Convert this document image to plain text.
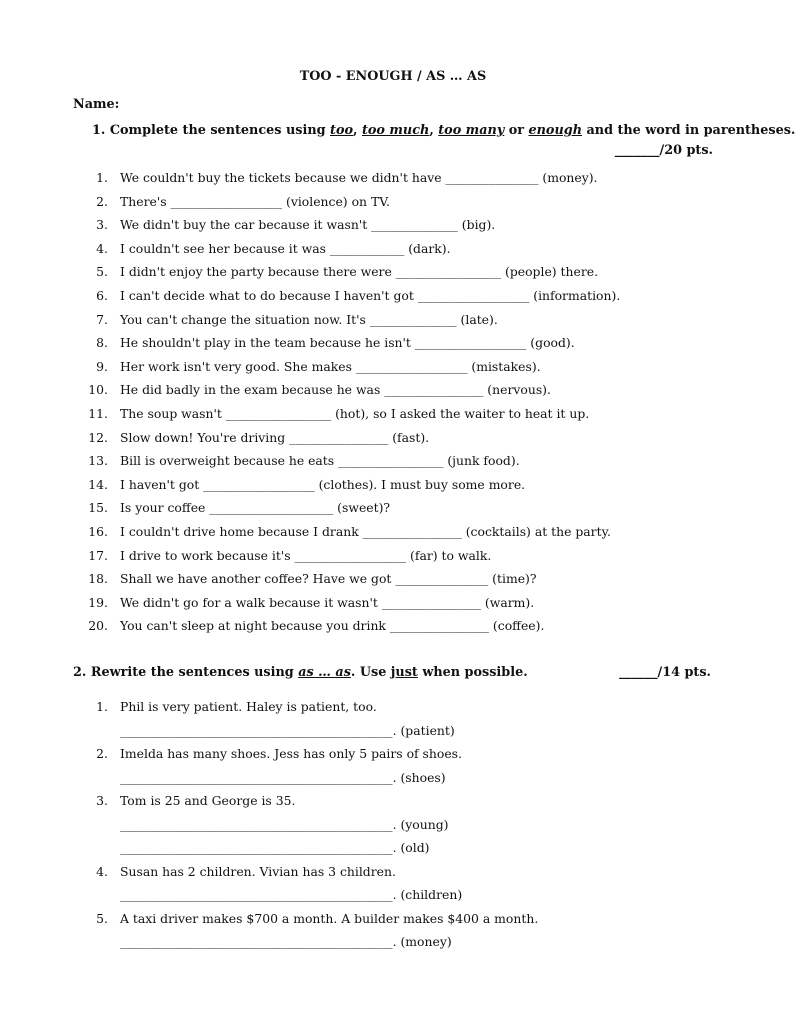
TOO - ENOUGH / AS … AS
Name:
1. Complete the sentences using too, too much, too many or enough and the word in parentheses.
_______/20 pts.
1. We couldn't buy the tickets because we didn't have _______________ (money).
2. There's __________________ (violence) on TV.
3. We didn't buy the car because it wasn't ______________ (big).
4. I couldn't see her because it was ____________ (dark).
5. I didn't enjoy the party because there were _________________ (people) there.
6. I can't decide what to do because I haven't got __________________ (information).
7. You can't change the situation now. It's ______________ (late).
8. He shouldn't play in the team because he isn't __________________ (good).
9. Her work isn't very good. She makes __________________ (mistakes).
10. He did badly in the exam because he was ________________ (nervous).
11. The soup wasn't _________________ (hot), so I asked the waiter to heat it up.
12. Slow down! You're driving ________________ (fast).
13. Bill is overweight because he eats _________________ (junk food).
14. I haven't got __________________ (clothes). I must buy some more.
15. Is your coffee ____________________ (sweet)?
16. I couldn't drive home because I drank ________________ (cocktails) at the party.
17. I drive to work because it's __________________ (far) to walk.
18. Shall we have another coffee? Have we got _______________ (time)?
19. We didn't go for a walk because it wasn't ________________ (warm).
20. You can't sleep at night because you drink ________________ (coffee).
2. Rewrite the sentences using as … as. Use just when possible.	______/14 pts.
1. Phil is very patient. Haley is patient, too.
____________________________________________. (patient)
2. Imelda has many shoes. Jess has only 5 pairs of shoes.
____________________________________________. (shoes)
3. Tom is 25 and George is 35.
____________________________________________. (young)
____________________________________________. (old)
4. Susan has 2 children. Vivian has 3 children.
____________________________________________. (children)
5. A taxi driver makes $700 a month. A builder makes $400 a month.
____________________________________________. (money)
